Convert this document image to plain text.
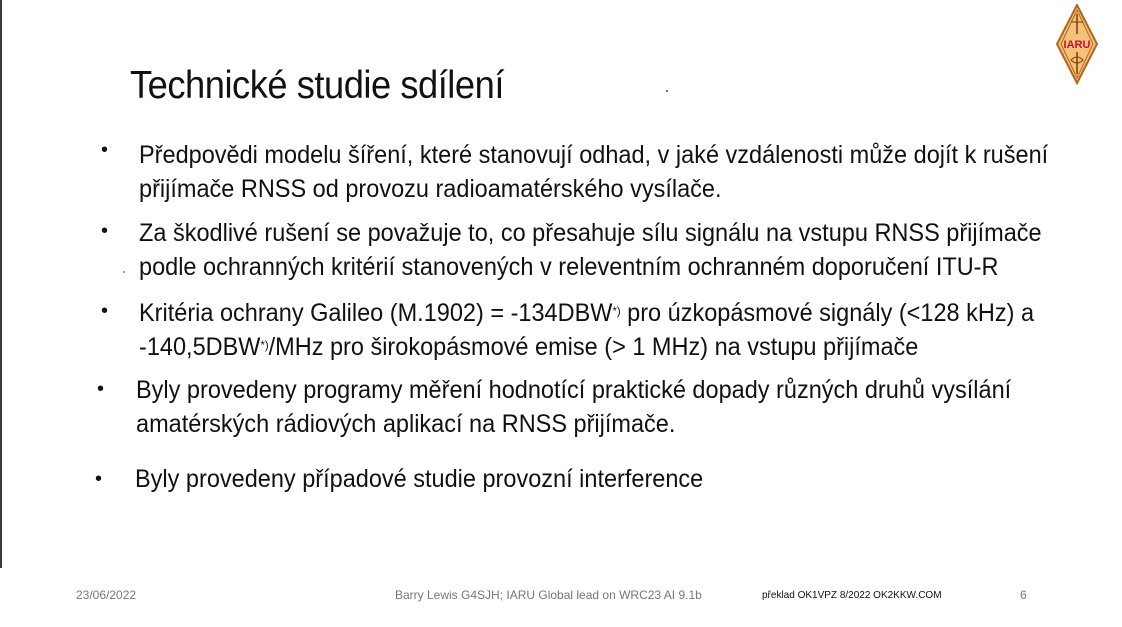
IARU
Technické studie sdílení
• Předpovědi modelu šíření, které stanovují odhad, v jaké vzdálenosti může dojít k rušení
přijímače RNSS od provozu radioamatérského vysílače.
• Za škodlivé rušení se považuje to, co přesahuje sílu signálu na vstupu RNSS přijímače
podle ochranných kritérií stanovených v releventním ochranném doporučení ITU-R
• Kritéria ochrany Galileo (M.1902) = -134DBW*) pro úzkopásmové signály (<128 kHz) a
-140,5DBW*)/MHz pro širokopásmové emise (> 1 MHz) na vstupu přijímače
• Byly provedeny programy měření hodnotící praktické dopady různých druhů vysílání
amatérských rádiových aplikací na RNSS přijímače.
• Byly provedeny případové studie provozní interference
23/06/2022	Barry Lewis G4SJH; IARU Global lead on WRC23 AI 9.1b	překlad OK1VPZ 8/2022 OK2KKW.COM	6
